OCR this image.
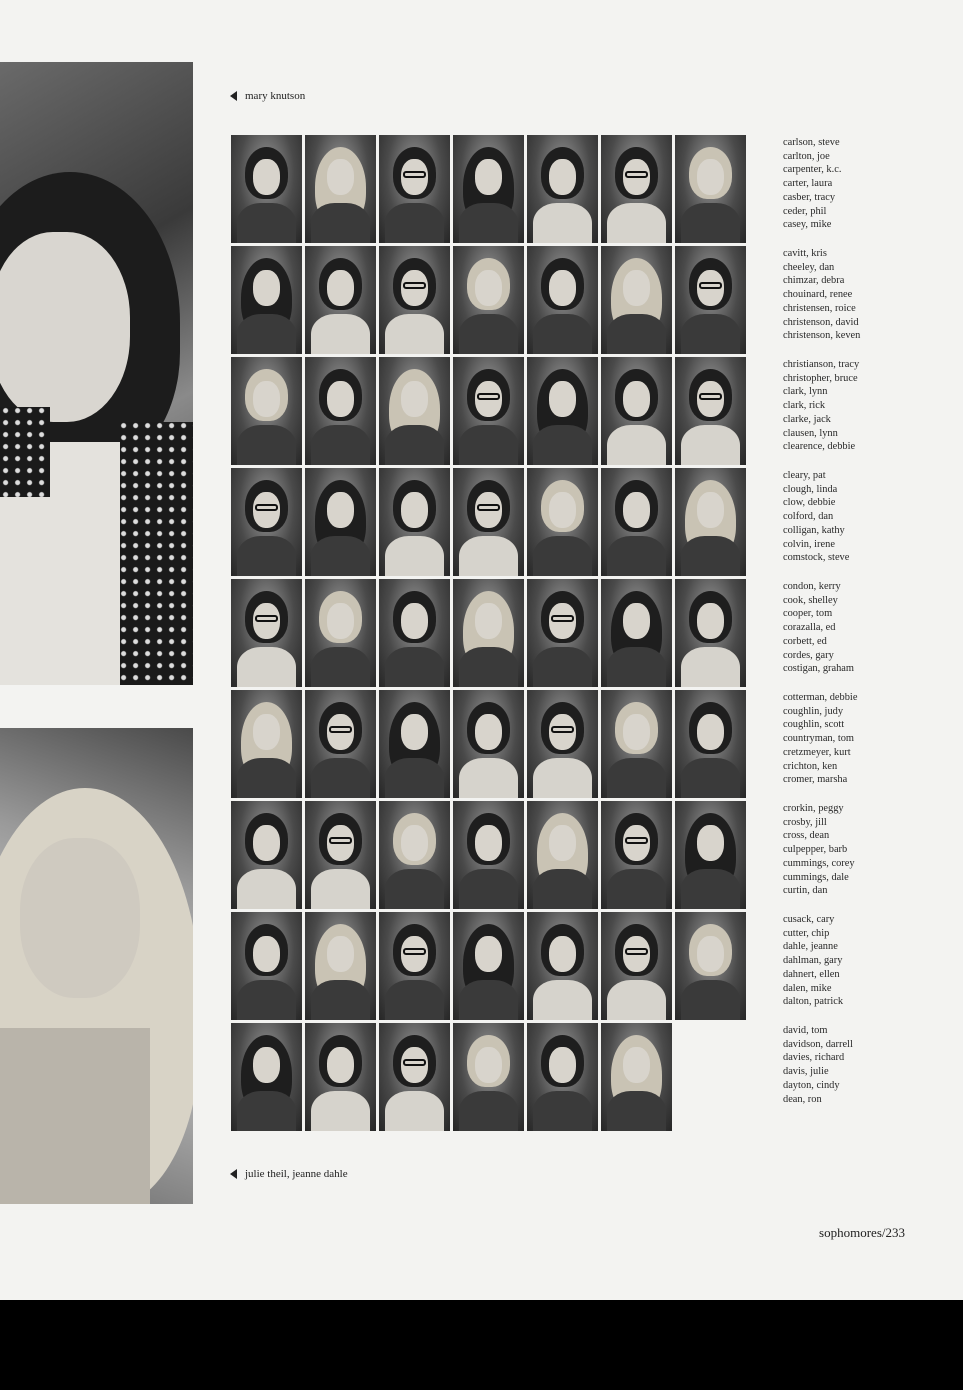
mary knutson
carlson, steve
carlton, joe
carpenter, k.c.
carter, laura
casber, tracy
ceder, phil
casey, mike
cavitt, kris
cheeley, dan
chimzar, debra
chouinard, renee
christensen, roice
christenson, david
christenson, keven
christianson, tracy
christopher, bruce
clark, lynn
clark, rick
clarke, jack
clausen, lynn
clearence, debbie
cleary, pat
clough, linda
clow, debbie
colford, dan
colligan, kathy
colvin, irene
comstock, steve
condon, kerry
cook, shelley
cooper, tom
corazalla, ed
corbett, ed
cordes, gary
costigan, graham
cotterman, debbie
coughlin, judy
coughlin, scott
countryman, tom
cretzmeyer, kurt
crichton, ken
cromer, marsha
crorkin, peggy
crosby, jill
cross, dean
culpepper, barb
cummings, corey
cummings, dale
curtin, dan
cusack, cary
cutter, chip
dahle, jeanne
dahlman, gary
dahnert, ellen
dalen, mike
dalton, patrick
david, tom
davidson, darrell
davies, richard
davis, julie
dayton, cindy
dean, ron
julie theil, jeanne dahle
sophomores/233
